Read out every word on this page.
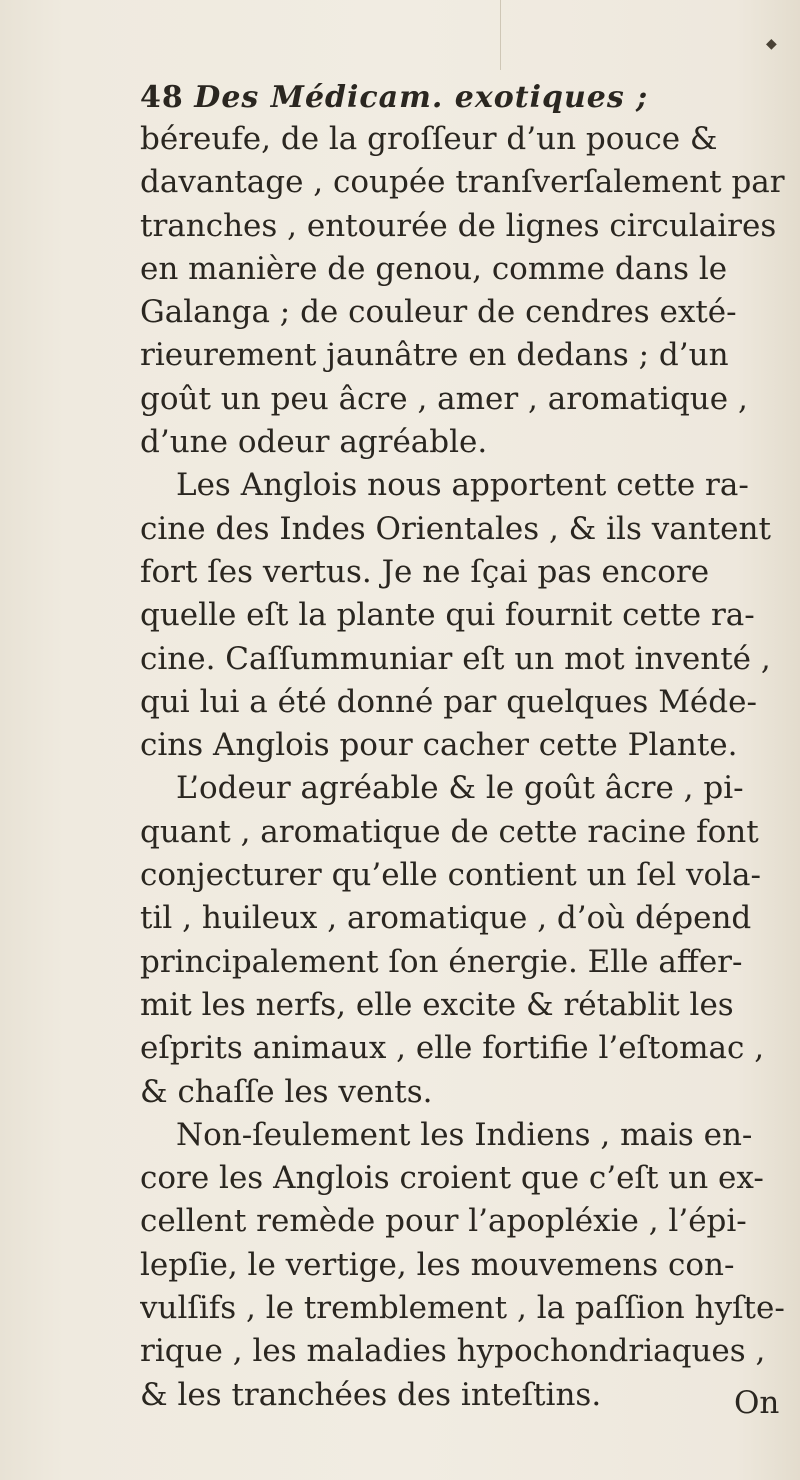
◆
48 Des Médicam. exotiques ;
béreufe, de la groſſeur d’un pouce &
davantage , coupée tranſverſalement par
tranches , entourée de lignes circulaires
en manière de genou, comme dans le
Galanga ; de couleur de cendres exté-
rieurement jaunâtre en dedans ; d’un
goût un peu âcre , amer , aromatique ,
d’une odeur agréable.
Les Anglois nous apportent cette ra-
cine des Indes Orientales , & ils vantent
fort ſes vertus. Je ne ſçai pas encore
quelle eſt la plante qui fournit cette ra-
cine. Caſſummuniar eſt un mot inventé ,
qui lui a été donné par quelques Méde-
cins Anglois pour cacher cette Plante.
L’odeur agréable & le goût âcre , pi-
quant , aromatique de cette racine font
conjecturer qu’elle contient un ſel vola-
til , huileux , aromatique , d’où dépend
principalement ſon énergie. Elle affer-
mit les nerfs, elle excite & rétablit les
eſprits animaux , elle fortifie l’eſtomac ,
& chaſſe les vents.
Non-ſeulement les Indiens , mais en-
core les Anglois croient que c’eſt un ex-
cellent remède pour l’apopléxie , l’épi-
lepſie, le vertige, les mouvemens con-
vulſifs , le tremblement , la paſſion hyſte-
rique , les maladies hypochondriaques ,
& les tranchées des inteſtins.	On
